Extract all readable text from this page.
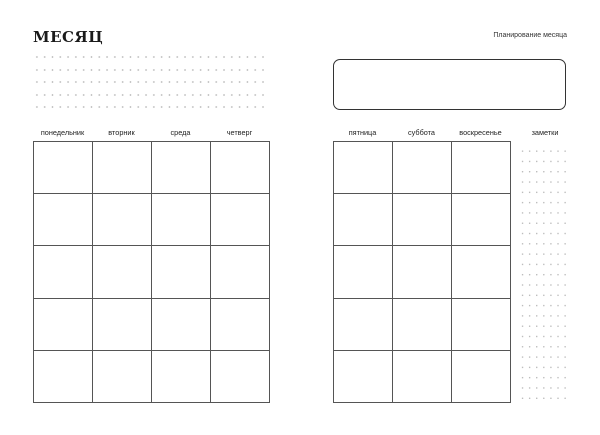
МЕСЯЦ	Планирование месяца
понедельник	вторник	среда	четверг	пятница	суббота	воскресенье	заметки
